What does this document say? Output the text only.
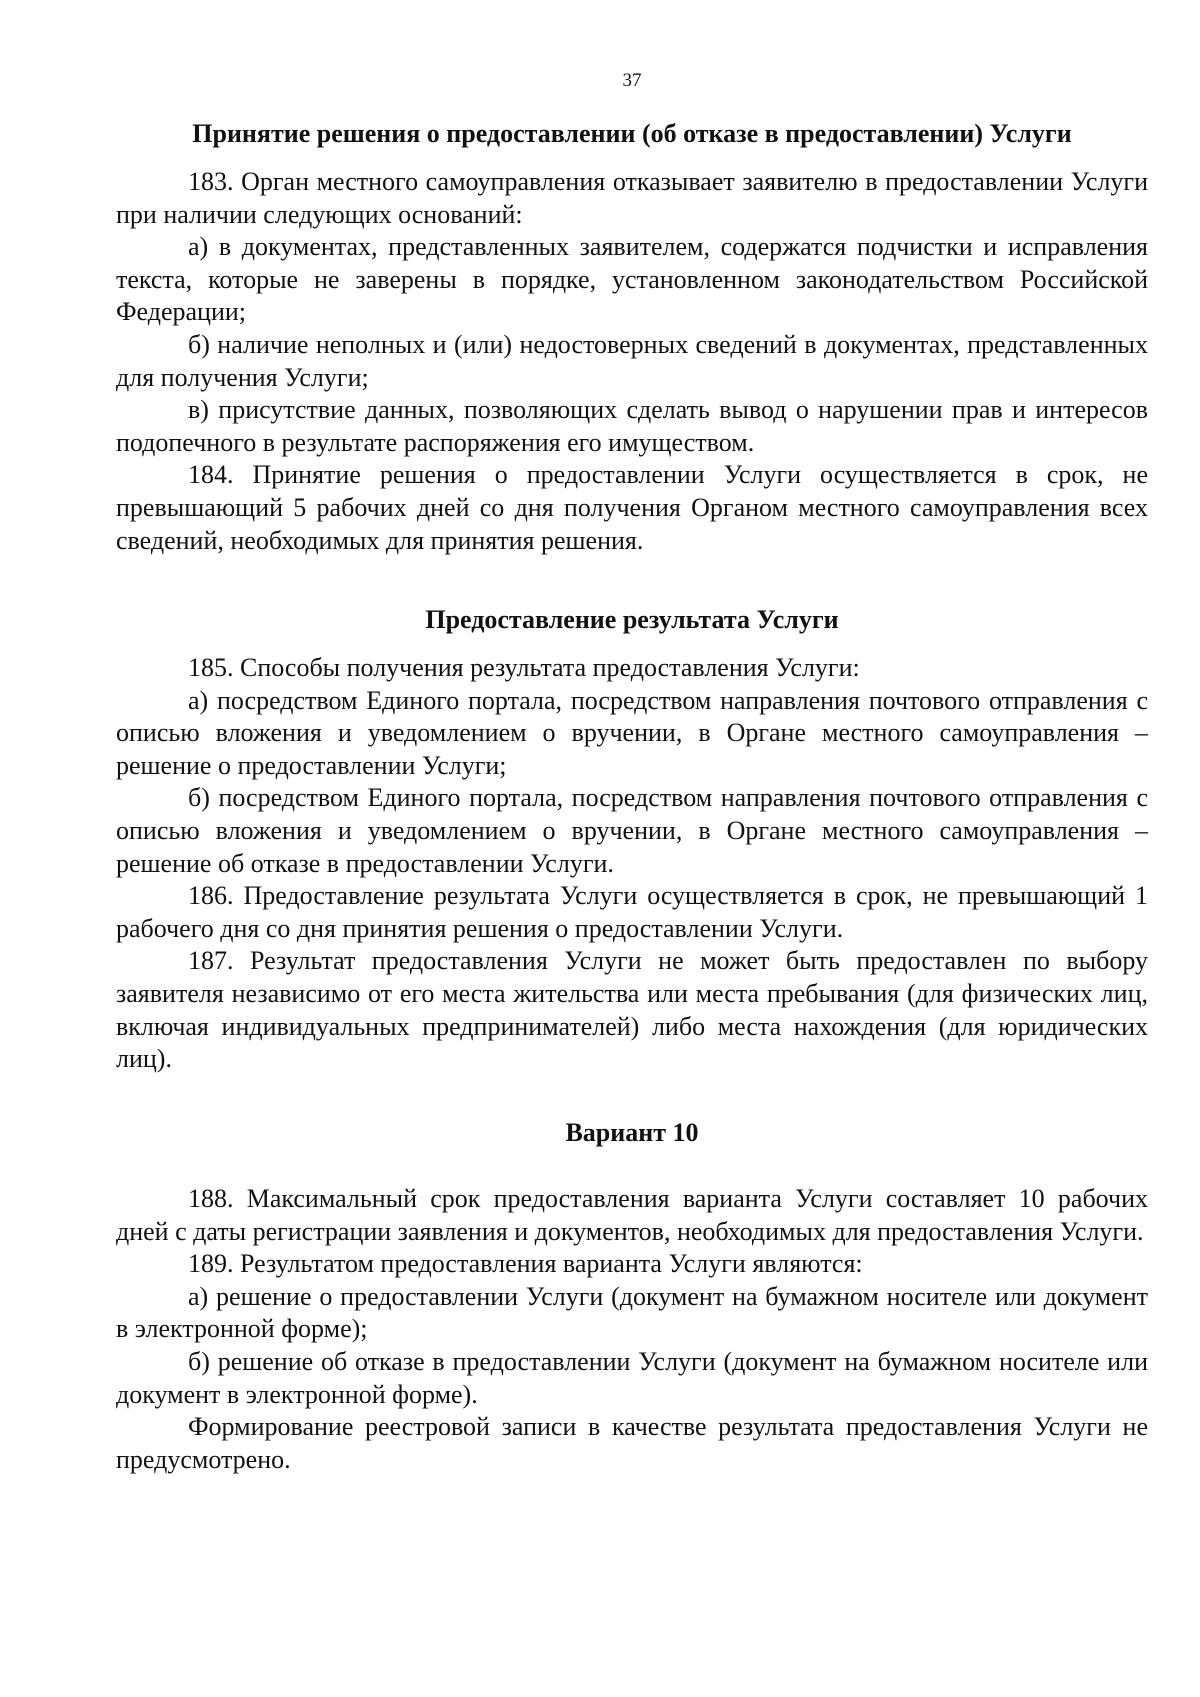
37
Принятие решения о предоставлении (об отказе в предоставлении) Услуги

183. Орган местного самоуправления отказывает заявителю в предоставлении Услуги при наличии следующих оснований:

а) в документах, представленных заявителем, содержатся подчистки и исправления текста, которые не заверены в порядке, установленном законодательством Российской Федерации;

б) наличие неполных и (или) недостоверных сведений в документах, представленных для получения Услуги;

в) присутствие данных, позволяющих сделать вывод о нарушении прав и интересов подопечного в результате распоряжения его имуществом.

184. Принятие решения о предоставлении Услуги осуществляется в срок, не превышающий 5 рабочих дней со дня получения Органом местного самоуправления всех сведений, необходимых для принятия решения.

Предоставление результата Услуги

185. Способы получения результата предоставления Услуги:

а) посредством Единого портала, посредством направления почтового отправления с описью вложения и уведомлением о вручении, в Органе местного самоуправления – решение о предоставлении Услуги;

б) посредством Единого портала, посредством направления почтового отправления с описью вложения и уведомлением о вручении, в Органе местного самоуправления – решение об отказе в предоставлении Услуги.

186. Предоставление результата Услуги осуществляется в срок, не превышающий 1 рабочего дня со дня принятия решения о предоставлении Услуги.

187. Результат предоставления Услуги не может быть предоставлен по выбору заявителя независимо от его места жительства или места пребывания (для физических лиц, включая индивидуальных предпринимателей) либо места нахождения (для юридических лиц).

Вариант 10

188. Максимальный срок предоставления варианта Услуги составляет 10 рабочих дней с даты регистрации заявления и документов, необходимых для предоставления Услуги.

189. Результатом предоставления варианта Услуги являются:

а) решение о предоставлении Услуги (документ на бумажном носителе или документ в электронной форме);

б) решение об отказе в предоставлении Услуги (документ на бумажном носителе или документ в электронной форме).

Формирование реестровой записи в качестве результата предоставления Услуги не предусмотрено.
